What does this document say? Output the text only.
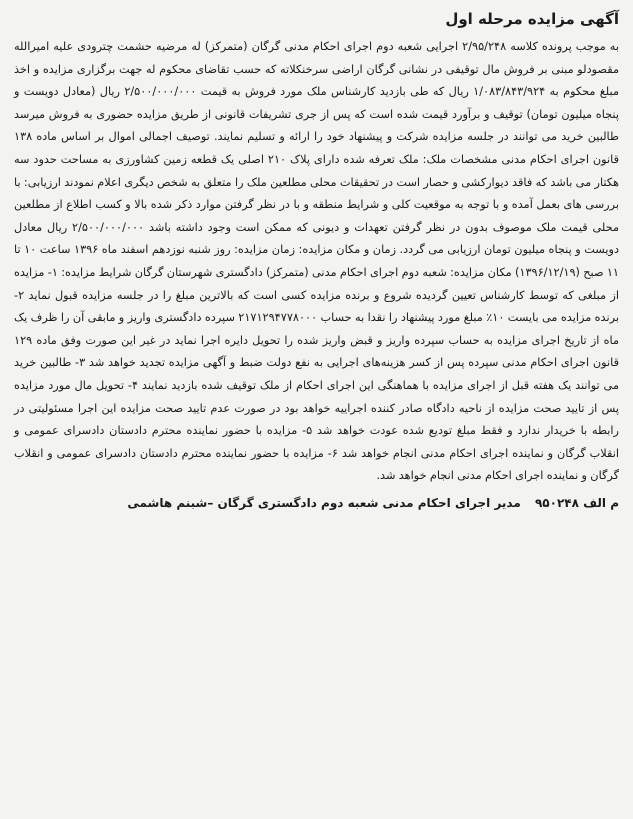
آگهی مزایده مرحله اول

به موجب پرونده کلاسه ۲/۹۵/۲۴۸ اجرایی شعبه دوم اجرای احکام مدنی گرگان (متمرکز) له مرضیه حشمت چترودی علیه امیرالله مقصودلو مبنی بر فروش مال توقیفی در نشانی گرگان اراضی سرخنکلاته که حسب تقاضای محکوم له جهت برگزاری مزایده و اخذ مبلغ محکوم به ۱/۰۸۳/۸۴۳/۹۲۴ ریال که طی بازدید کارشناس ملک مورد فروش به قیمت ۲/۵۰۰/۰۰۰/۰۰۰ ریال (معادل دویست و پنجاه میلیون تومان) توقیف و برآورد قیمت شده است که پس از جری تشریفات قانونی از طریق مزایده حضوری به فروش میرسد طالبین خرید می توانند در جلسه مزایده شرکت و پیشنهاد خود را ارائه و تسلیم نمایند. توصیف اجمالی اموال بر اساس ماده ۱۳۸ قانون اجرای احکام مدنی مشخصات ملک: ملک تعرفه شده دارای پلاک ۲۱۰ اصلی یک قطعه زمین کشاورزی به مساحت حدود سه هکتار می باشد که فاقد دیوارکشی و حصار است در تحقیقات محلی مطلعین ملک را متعلق به شخص دیگری اعلام نمودند ارزیابی: با بررسی های بعمل آمده و با توجه به موقعیت کلی و شرایط منطقه و با در نظر گرفتن موارد ذکر شده بالا و کسب اطلاع از مطلعین محلی قیمت ملک موصوف بدون در نظر گرفتن تعهدات و دیونی که ممکن است وجود داشته باشد ۲/۵۰۰/۰۰۰/۰۰۰ ریال معادل دویست و پنجاه میلیون تومان ارزیابی می گردد. زمان و مکان مزایده: زمان مزایده: روز شنبه نوزدهم اسفند ماه ۱۳۹۶ ساعت ۱۰ تا ۱۱ صبح (۱۳۹۶/۱۲/۱۹) مکان مزایده: شعبه دوم اجرای احکام مدنی (متمرکز) دادگستری شهرستان گرگان شرایط مزایده: ۱- مزایده از مبلغی که توسط کارشناس تعیین گردیده شروع و برنده مزایده کسی است که بالاترین مبلغ را در جلسه مزایده قبول نماید ۲- برنده مزایده می بایست ۱۰٪ مبلغ مورد پیشنهاد را نقدا به حساب ۲۱۷۱۲۹۴۷۷۸۰۰۰ سپرده دادگستری واریز و مابقی آن را ظرف یک ماه از تاریخ اجرای مزایده به حساب سپرده واریز و قبض واریز شده را تحویل دایره اجرا نماید در غیر این صورت وفق ماده ۱۲۹ قانون اجرای احکام مدنی سپرده پس از کسر هزینه‌های اجرایی به نفع دولت ضبط و آگهی مزایده تجدید خواهد شد ۳- طالبین خرید می توانند یک هفته قبل از اجرای مزایده با هماهنگی این اجرای احکام از ملک توقیف شده بازدید نمایند ۴- تحویل مال مورد مزایده پس از تایید صحت مزایده از ناحیه دادگاه صادر کننده اجراییه خواهد بود در صورت عدم تایید صحت مزایده این اجرا مسئولیتی در رابطه با خریدار ندارد و فقط مبلغ تودیع شده عودت خواهد شد ۵- مزایده با حضور نماینده محترم دادستان دادسرای عمومی و انقلاب گرگان و نماینده اجرای احکام مدنی انجام خواهد شد ۶- مزایده با حضور نماینده محترم دادستان دادسرای عمومی و انقلاب گرگان و نماینده اجرای احکام مدنی انجام خواهد شد.

م الف ۹۵۰۲۴۸ مدیر اجرای احکام مدنی شعبه دوم دادگستری گرگان –شبنم هاشمی
